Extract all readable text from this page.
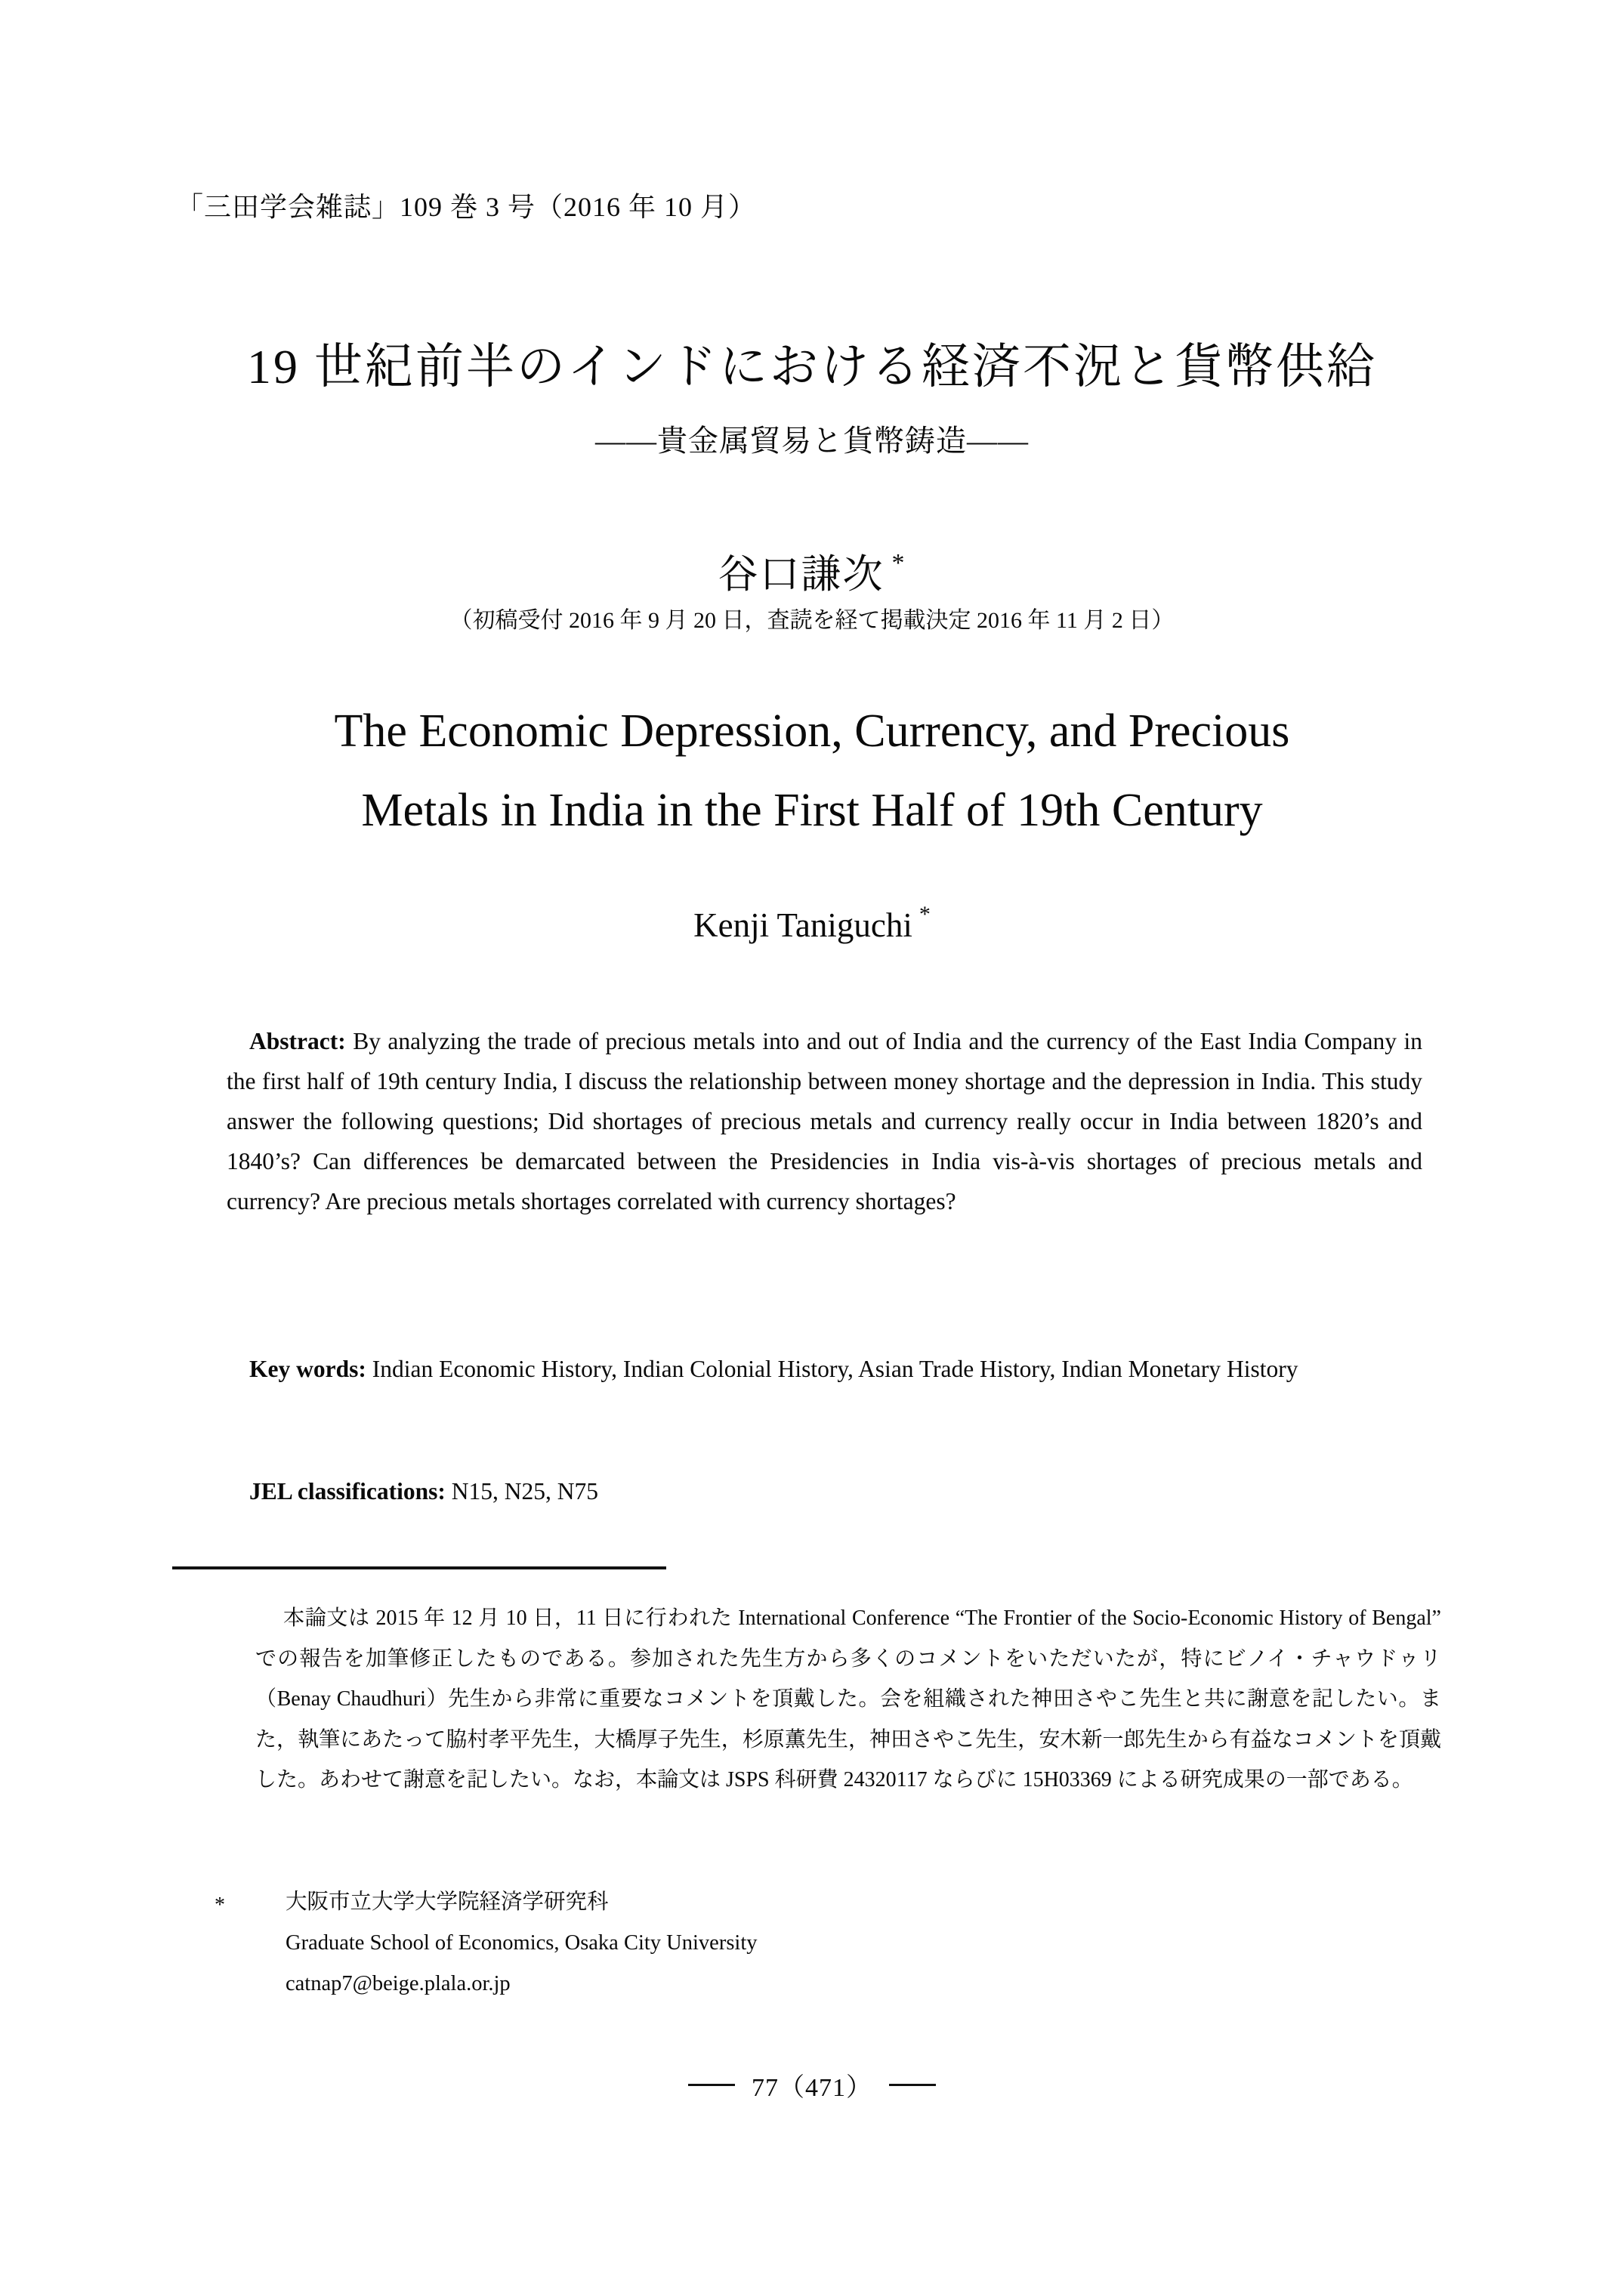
「三田学会雑誌」109 巻 3 号（2016 年 10 月）
19 世紀前半のインドにおける経済不況と貨幣供給
——貴金属貿易と貨幣鋳造——
谷口謙次 *
（初稿受付 2016 年 9 月 20 日，査読を経て掲載決定 2016 年 11 月 2 日）
The Economic Depression, Currency, and Precious
Metals in India in the First Half of 19th Century
Kenji Taniguchi *

Abstract: By analyzing the trade of precious metals into and out of India and the currency of the East India Company in the first half of 19th century India, I discuss the relationship between money shortage and the depression in India. This study answer the following questions; Did shortages of precious metals and currency really occur in India between 1820’s and 1840’s? Can differences be demarcated between the Presidencies in India vis-à-vis shortages of precious metals and currency? Are precious metals shortages correlated with currency shortages?

Key words: Indian Economic History, Indian Colonial History, Asian Trade History, Indian Monetary History

JEL classifications: N15, N25, N75

本論文は 2015 年 12 月 10 日，11 日に行われた International Conference “The Frontier of the Socio-Economic History of Bengal” での報告を加筆修正したものである。参加された先生方から多くのコメントをいただいたが，特にビノイ・チャウドゥリ（Benay Chaudhuri）先生から非常に重要なコメントを頂戴した。会を組織された神田さやこ先生と共に謝意を記したい。また，執筆にあたって脇村孝平先生，大橋厚子先生，杉原薫先生，神田さやこ先生，安木新一郎先生から有益なコメントを頂戴した。あわせて謝意を記したい。なお，本論文は JSPS 科研費 24320117 ならびに 15H03369 による研究成果の一部である。

*	大阪市立大学大学院経済学研究科
Graduate School of Economics, Osaka City University
catnap7@beige.plala.or.jp
77（471）
